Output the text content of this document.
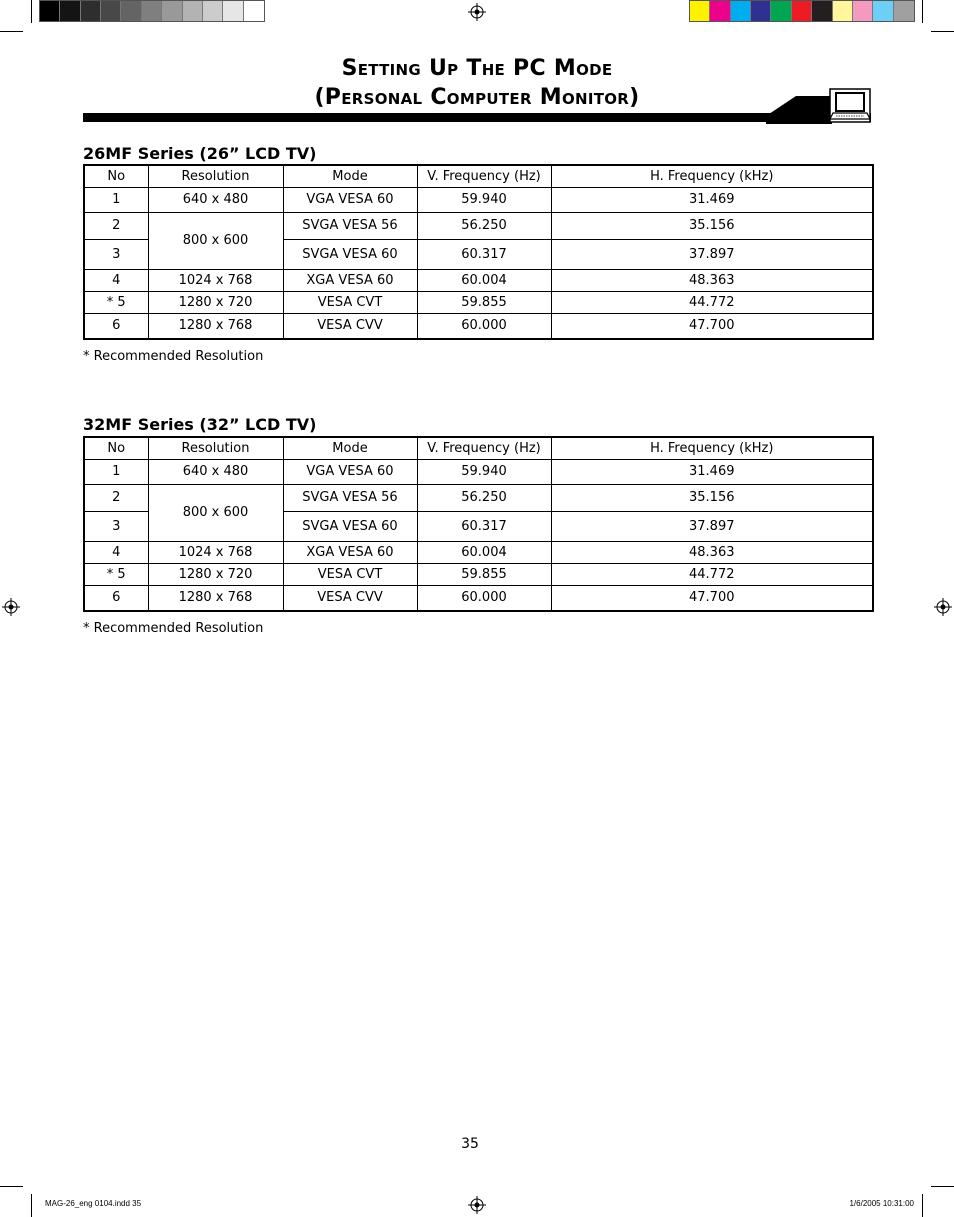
Setting Up The PC Mode
(Personal Computer Monitor)
26MF Series (26” LCD TV)
No	Resolution	Mode	V. Frequency (Hz)	H. Frequency (kHz)
1	640 x 480	VGA VESA 60	59.940	31.469
2	800 x 600	SVGA VESA 56	56.250	35.156
3		SVGA VESA 60	60.317	37.897
4	1024 x 768	XGA VESA 60	60.004	48.363
* 5	1280 x 720	VESA CVT	59.855	44.772
6	1280 x 768	VESA CVV	60.000	47.700
* Recommended Resolution
32MF Series (32” LCD TV)
No	Resolution	Mode	V. Frequency (Hz)	H. Frequency (kHz)
1	640 x 480	VGA VESA 60	59.940	31.469
2	800 x 600	SVGA VESA 56	56.250	35.156
3		SVGA VESA 60	60.317	37.897
4	1024 x 768	XGA VESA 60	60.004	48.363
* 5	1280 x 720	VESA CVT	59.855	44.772
6	1280 x 768	VESA CVV	60.000	47.700
* Recommended Resolution
35
MAG-26_eng 0104.indd 35	1/6/2005 10:31:00
